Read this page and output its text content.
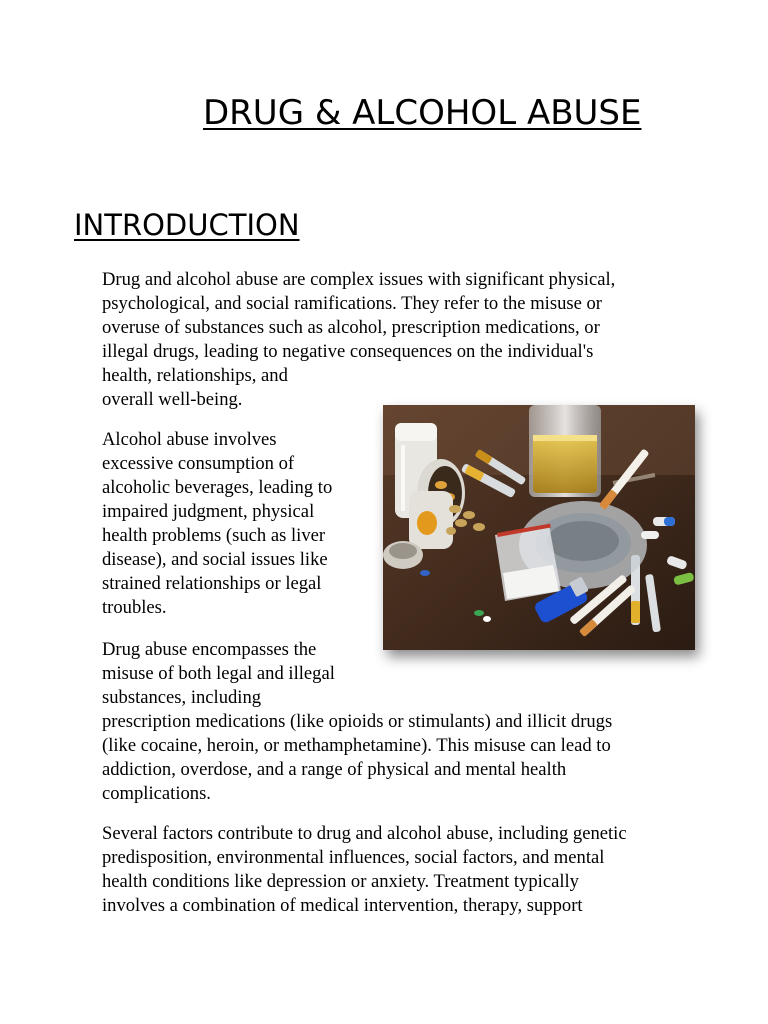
DRUG & ALCOHOL ABUSE
INTRODUCTION

Drug and alcohol abuse are complex issues with significant physical,
psychological, and social ramifications. They refer to the misuse or
overuse of substances such as alcohol, prescription medications, or
illegal drugs, leading to negative consequences on the individual's
health, relationships, and
overall well-being.

Alcohol abuse involves
excessive consumption of
alcoholic beverages, leading to
impaired judgment, physical
health problems (such as liver
disease), and social issues like
strained relationships or legal
troubles.

Drug abuse encompasses the
misuse of both legal and illegal
substances, including
prescription medications (like opioids or stimulants) and illicit drugs
(like cocaine, heroin, or methamphetamine). This misuse can lead to
addiction, overdose, and a range of physical and mental health
complications.

Several factors contribute to drug and alcohol abuse, including genetic
predisposition, environmental influences, social factors, and mental
health conditions like depression or anxiety. Treatment typically
involves a combination of medical intervention, therapy, support
